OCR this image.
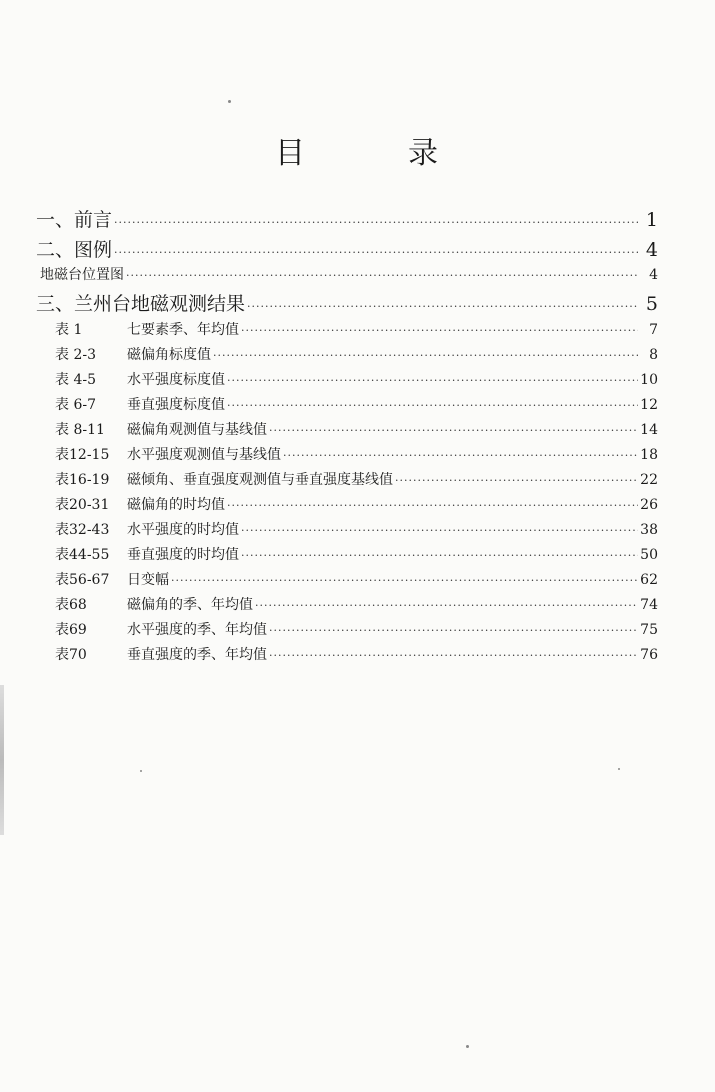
目	录
一、前言 ·····	1
二、图例 ·····	4
地磁台位置图 ·····	4
三、兰州台地磁观测结果 ·····	5
表 1	七要素季、年均值 ·····	7
表 2-3	磁偏角标度值 ·····	8
表 4-5	水平强度标度值 ·····	10
表 6-7	垂直强度标度值 ·····	12
表 8-11	磁偏角观测值与基线值 ·····	14
表12-15	水平强度观测值与基线值 ·····	18
表16-19	磁倾角、垂直强度观测值与垂直强度基线值 ·····	22
表20-31	磁偏角的时均值 ·····	26
表32-43	水平强度的时均值 ·····	38
表44-55	垂直强度的时均值 ·····	50
表56-67	日变幅 ·····	62
表68	磁偏角的季、年均值 ·····	74
表69	水平强度的季、年均值 ·····	75
表70	垂直强度的季、年均值 ·····	76
